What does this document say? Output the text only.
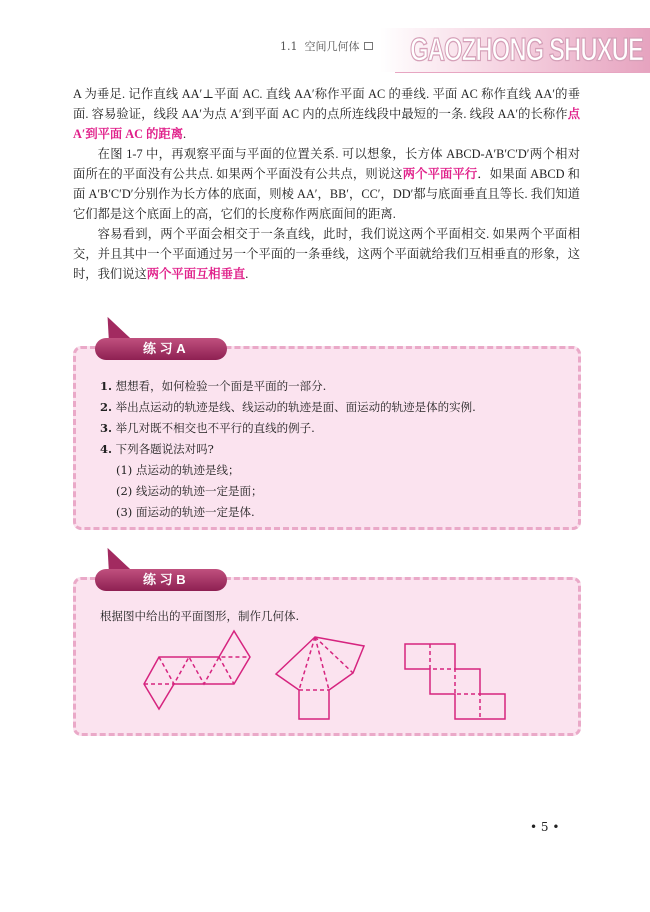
1.1 空间几何体	GAOZHONG SHUXUE

A 为垂足. 记作直线 AA′⊥平面 AC. 直线 AA′称作平面 AC 的垂线. 平面 AC 称作直线 AA′的垂面. 容易验证，线段 AA′为点 A′到平面 AC 内的点所连线段中最短的一条. 线段 AA′的长称作点 A′到平面 AC 的距离.

在图 1-7 中，再观察平面与平面的位置关系. 可以想象，长方体 ABCD-A′B′C′D′两个相对面所在的平面没有公共点. 如果两个平面没有公共点，则说这两个平面平行．如果面 ABCD 和面 A′B′C′D′分别作为长方体的底面，则棱 AA′，BB′，CC′，DD′都与底面垂直且等长. 我们知道它们都是这个底面上的高，它们的长度称作两底面间的距离.

容易看到，两个平面会相交于一条直线，此时，我们说这两个平面相交. 如果两个平面相交，并且其中一个平面通过另一个平面的一条垂线，这两个平面就给我们互相垂直的形象，这时，我们说这两个平面互相垂直.

练 习 A
1. 想想看，如何检验一个面是平面的一部分.
2. 举出点运动的轨迹是线、线运动的轨迹是面、面运动的轨迹是体的实例.
3. 举几对既不相交也不平行的直线的例子.
4. 下列各题说法对吗?
(1) 点运动的轨迹是线；
(2) 线运动的轨迹一定是面；
(3) 面运动的轨迹一定是体.
练 习 B
根据图中给出的平面图形，制作几何体.
• 5 •
